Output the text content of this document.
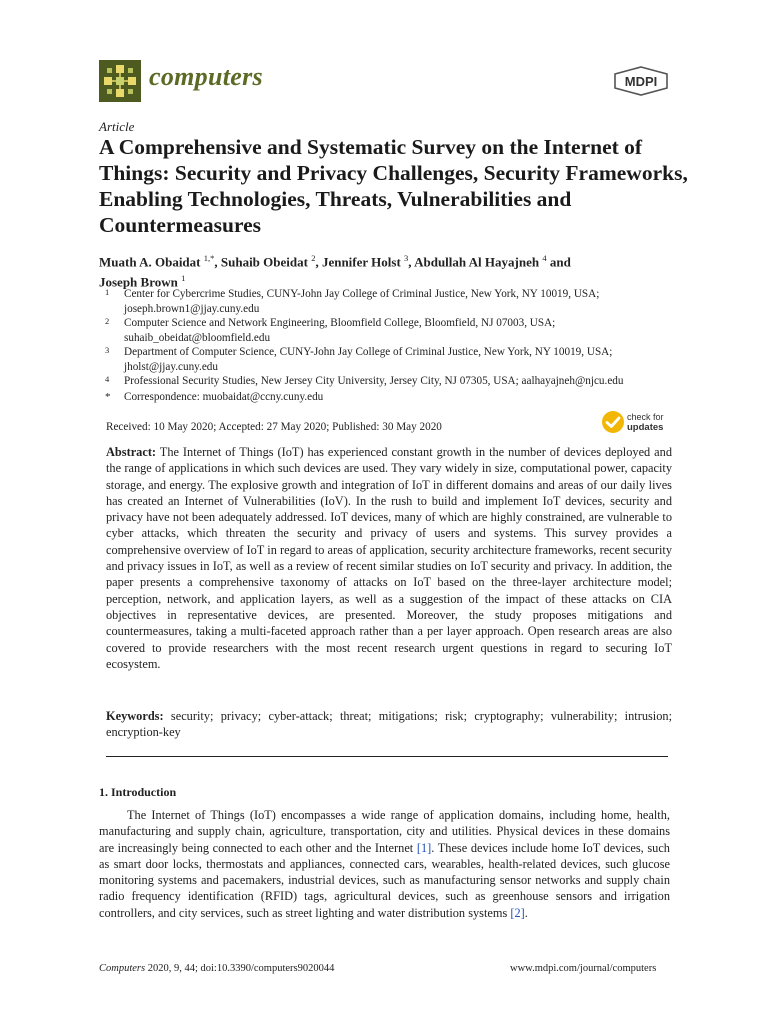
computers	MDPI
Article
A Comprehensive and Systematic Survey on the Internet of Things: Security and Privacy Challenges, Security Frameworks, Enabling Technologies, Threats, Vulnerabilities and Countermeasures
Muath A. Obaidat $^{1,*}$, Suhaib Obeidat $^2$, Jennifer Holst $^3$, Abdullah Al Hayajneh $^4$ and
Joseph Brown $^1$
1 Center for Cybercrime Studies, CUNY-John Jay College of Criminal Justice, New York, NY 10019, USA;
joseph.brown1@jjay.cuny.edu
2 Computer Science and Network Engineering, Bloomfield College, Bloomfield, NJ 07003, USA;
suhaib_obeidat@bloomfield.edu
3 Department of Computer Science, CUNY-John Jay College of Criminal Justice, New York, NY 10019, USA;
jholst@jjay.cuny.edu
4 Professional Security Studies, New Jersey City University, Jersey City, NJ 07305, USA; aalhayajneh@njcu.edu
* Correspondence: muobaidat@ccny.cuny.edu
Received: 10 May 2020; Accepted: 27 May 2020; Published: 30 May 2020
check for
updates

Abstract: The Internet of Things (IoT) has experienced constant growth in the number of devices deployed and the range of applications in which such devices are used. They vary widely in size, computational power, capacity storage, and energy. The explosive growth and integration of IoT in different domains and areas of our daily lives has created an Internet of Vulnerabilities (IoV). In the rush to build and implement IoT devices, security and privacy have not been adequately addressed. IoT devices, many of which are highly constrained, are vulnerable to cyber attacks, which threaten the security and privacy of users and systems. This survey provides a comprehensive overview of IoT in regard to areas of application, security architecture frameworks, recent security and privacy issues in IoT, as well as a review of recent similar studies on IoT security and privacy. In addition, the paper presents a comprehensive taxonomy of attacks on IoT based on the three-layer architecture model; perception, network, and application layers, as well as a suggestion of the impact of these attacks on CIA objectives in representative devices, are presented. Moreover, the study proposes mitigations and countermeasures, taking a multi-faceted approach rather than a per layer approach. Open research areas are also covered to provide researchers with the most recent research urgent questions in regard to securing IoT ecosystem.

Keywords: security; privacy; cyber-attack; threat; mitigations; risk; cryptography; vulnerability; intrusion; encryption-key

1. Introduction

The Internet of Things (IoT) encompasses a wide range of application domains, including home, health, manufacturing and supply chain, agriculture, transportation, city and utilities. Physical devices in these domains are increasingly being connected to each other and the Internet [1]. These devices include home IoT devices, such as smart door locks, thermostats and appliances, connected cars, wearables, health-related devices, such glucose monitoring systems and pacemakers, industrial devices, such as manufacturing sensor networks and supply chain radio frequency identification (RFID) tags, agricultural devices, such as greenhouse sensors and irrigation controllers, and city services, such as street lighting and water distribution systems [2].

Computers 2020, 9, 44; doi:10.3390/computers9020044	www.mdpi.com/journal/computers
